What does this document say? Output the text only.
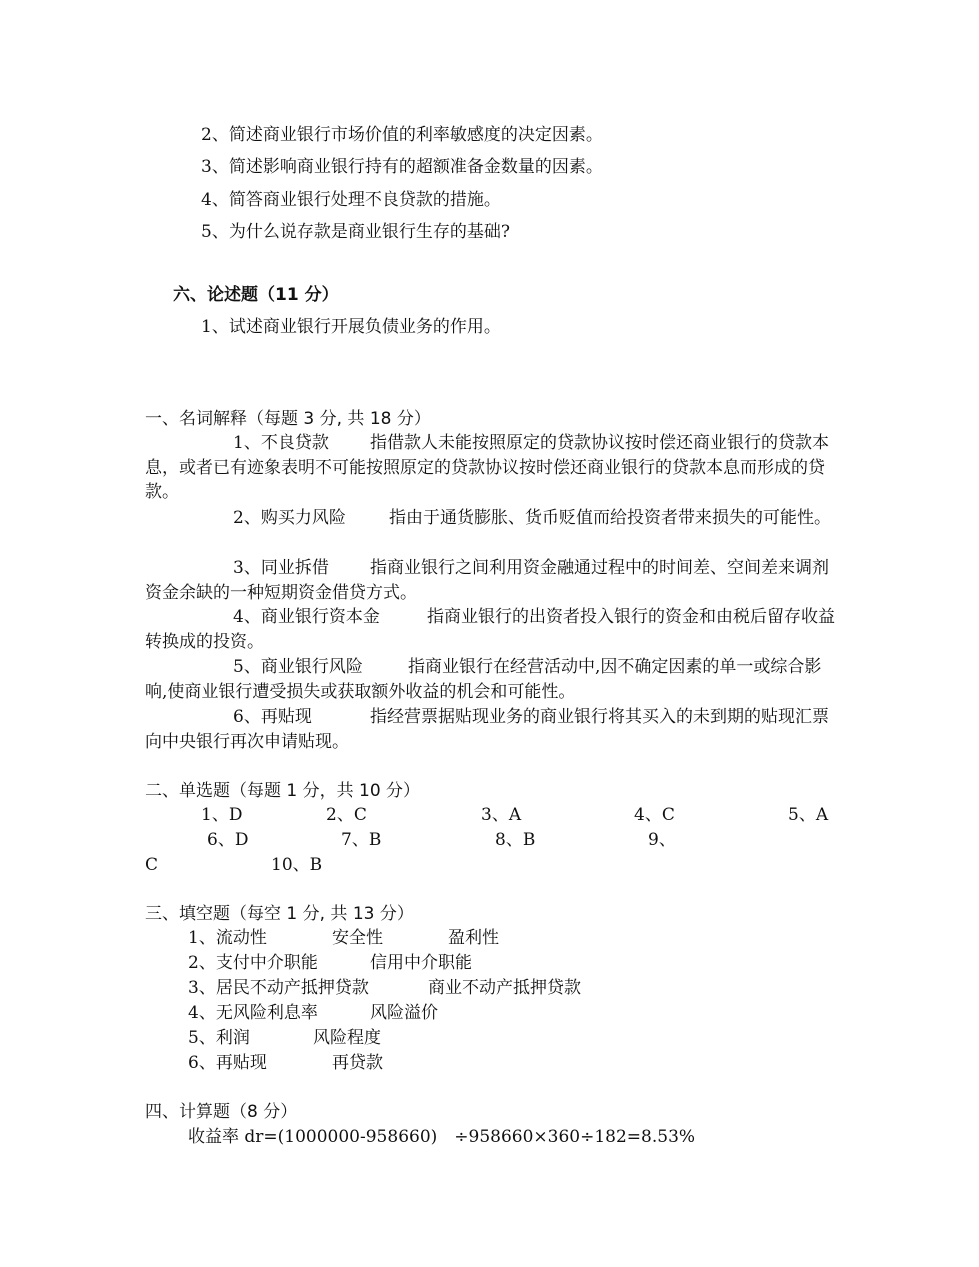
2、简述商业银行市场价值的利率敏感度的决定因素。
3、简述影响商业银行持有的超额准备金数量的因素。
4、简答商业银行处理不良贷款的措施。
5、为什么说存款是商业银行生存的基础?
六、论述题（11 分）
1、试述商业银行开展负债业务的作用。
一、名词解释（每题 3 分, 共 18 分）
1、不良贷款 指借款人未能按照原定的贷款协议按时偿还商业银行的贷款本息，或者已有迹象表明不可能按照原定的贷款协议按时偿还商业银行的贷款本息而形成的贷款。
2、购买力风险	指由于通货膨胀、货币贬值而给投资者带来损失的可能性。
3、同业拆借 指商业银行之间利用资金融通过程中的时间差、空间差来调剂资金余缺的一种短期资金借贷方式。
4、商业银行资本金	指商业银行的出资者投入银行的资金和由税后留存收益转换成的投资。
5、商业银行风险	指商业银行在经营活动中,因不确定因素的单一或综合影响,使商业银行遭受损失或获取额外收益的机会和可能性。
6、再贴现	指经营票据贴现业务的商业银行将其买入的未到期的贴现汇票向中央银行再次申请贴现。
二、单选题（每题 1 分，共 10 分）
1、D	2、C	3、A	4、C	5、A
6、D	7、B	8、B	9、
C	10、B
三、填空题（每空 1 分, 共 13 分）
1、流动性	安全性	盈利性
2、支付中介职能	信用中介职能
3、居民不动产抵押贷款	商业不动产抵押贷款
4、无风险利息率	风险溢价
5、利润	风险程度
6、再贴现	再贷款
四、计算题（8 分）
收益率 dr=(1000000-958660)　÷958660×360÷182=8.53%
